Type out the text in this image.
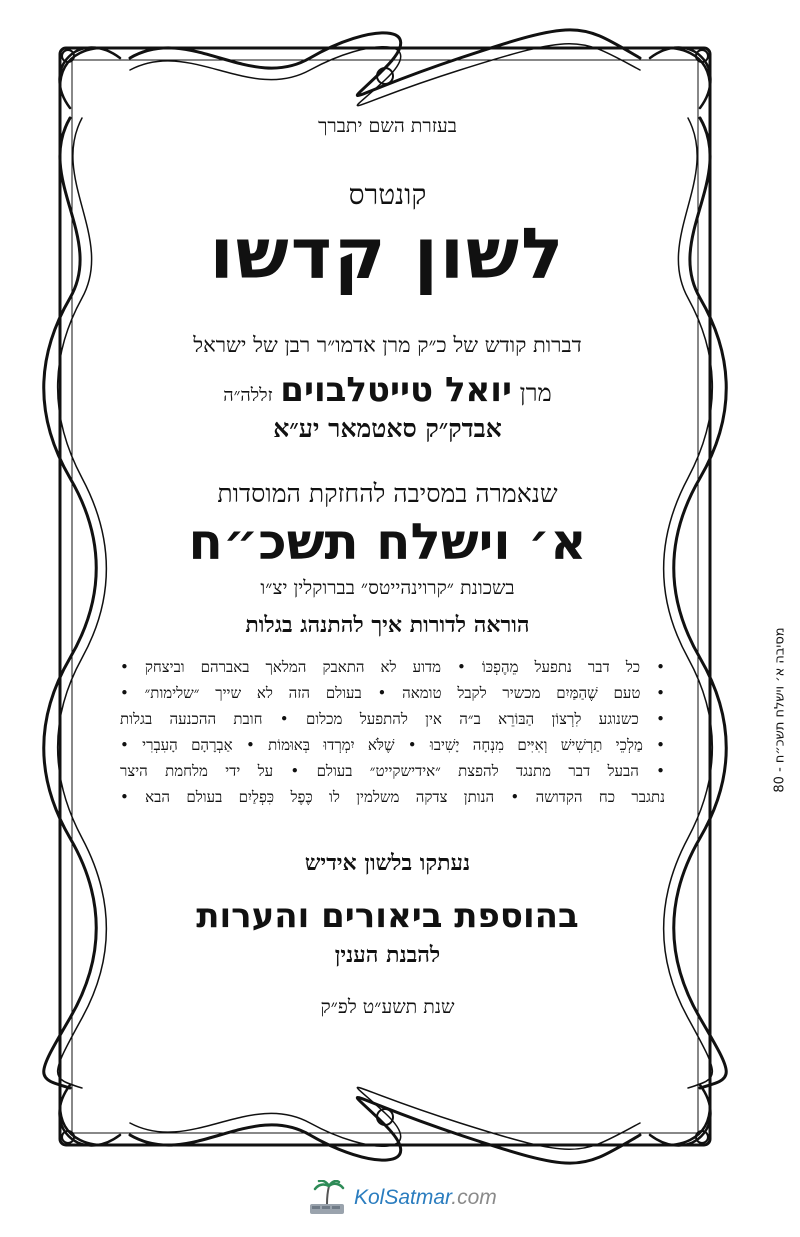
בעזרת השם יתברך
קונטרס
לשון קדשו
דברות קודש של כ״ק מרן אדמו״ר רבן של ישראל
מרן יואל טייטלבוים זללה״ה
אבדק״ק סאטמאר יע״א
שנאמרה במסיבה להחזקת המוסדות
א׳ וישלח תשכ״ח
בשכונת ״קרוינהייטס״ בברוקלין יצ״ו
הוראה לדורות איך להתנהג בגלות
• כל דבר נתפעל מֵהֶפְכּוֹ • מדוע לא התאבק המלאך באברהם וביצחק •
• טעם שֶׁהַמַּיִם מכשיר לקבל טומאה • בעולם הזה לא שייך ״שלימות״ •
• כשנוגע לִרְצוֹן הַבּוֹרֵא ב״ה אין להתפעל מכלום • חובת ההכנעה בגלות
• מַלְכֵי תַרְשִׁישׁ וְאִיִּים מִנְחָה יָשִׁיבוּ • שֶׁלֹּא יִמְרְדוּ בְּאוּמוֹת • אַבְרָהָם הָעִבְרִי •
• הבעל דבר מתנגד להפצת ״אידישקייט״ בעולם • על ידי מלחמת היצר
נתגבר כח הקדושה • הנותן צדקה משלמין לו כֶּפֶל כִּפְלַיִם בעולם הבא •
נעתקו בלשון אידיש
בהוספת ביאורים והערות
להבנת הענין
שנת תשע״ט לפ״ק
מסיבה א׳ וישלח תשכ״ח - 80
KolSatmar.com
